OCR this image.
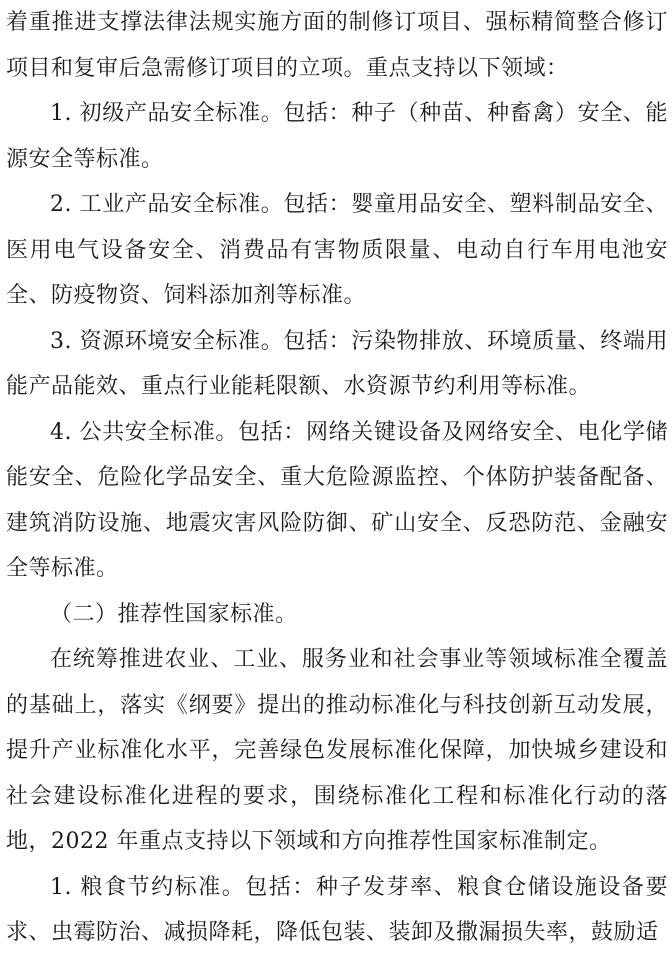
着重推进支撑法律法规实施方面的制修订项目、强标精简整合修订项目和复审后急需修订项目的立项。重点支持以下领域：

1. 初级产品安全标准。包括：种子（种苗、种畜禽）安全、能源安全等标准。

2. 工业产品安全标准。包括：婴童用品安全、塑料制品安全、医用电气设备安全、消费品有害物质限量、电动自行车用电池安全、防疫物资、饲料添加剂等标准。

3. 资源环境安全标准。包括：污染物排放、环境质量、终端用能产品能效、重点行业能耗限额、水资源节约利用等标准。

4. 公共安全标准。包括：网络关键设备及网络安全、电化学储能安全、危险化学品安全、重大危险源监控、个体防护装备配备、建筑消防设施、地震灾害风险防御、矿山安全、反恐防范、金融安全等标准。

（二）推荐性国家标准。

在统筹推进农业、工业、服务业和社会事业等领域标准全覆盖的基础上，落实《纲要》提出的推动标准化与科技创新互动发展，提升产业标准化水平，完善绿色发展标准化保障，加快城乡建设和社会建设标准化进程的要求，围绕标准化工程和标准化行动的落地，2022 年重点支持以下领域和方向推荐性国家标准制定。

1. 粮食节约标准。包括：种子发芽率、粮食仓储设施设备要求、虫霉防治、减损降耗，降低包装、装卸及撒漏损失率，鼓励适
